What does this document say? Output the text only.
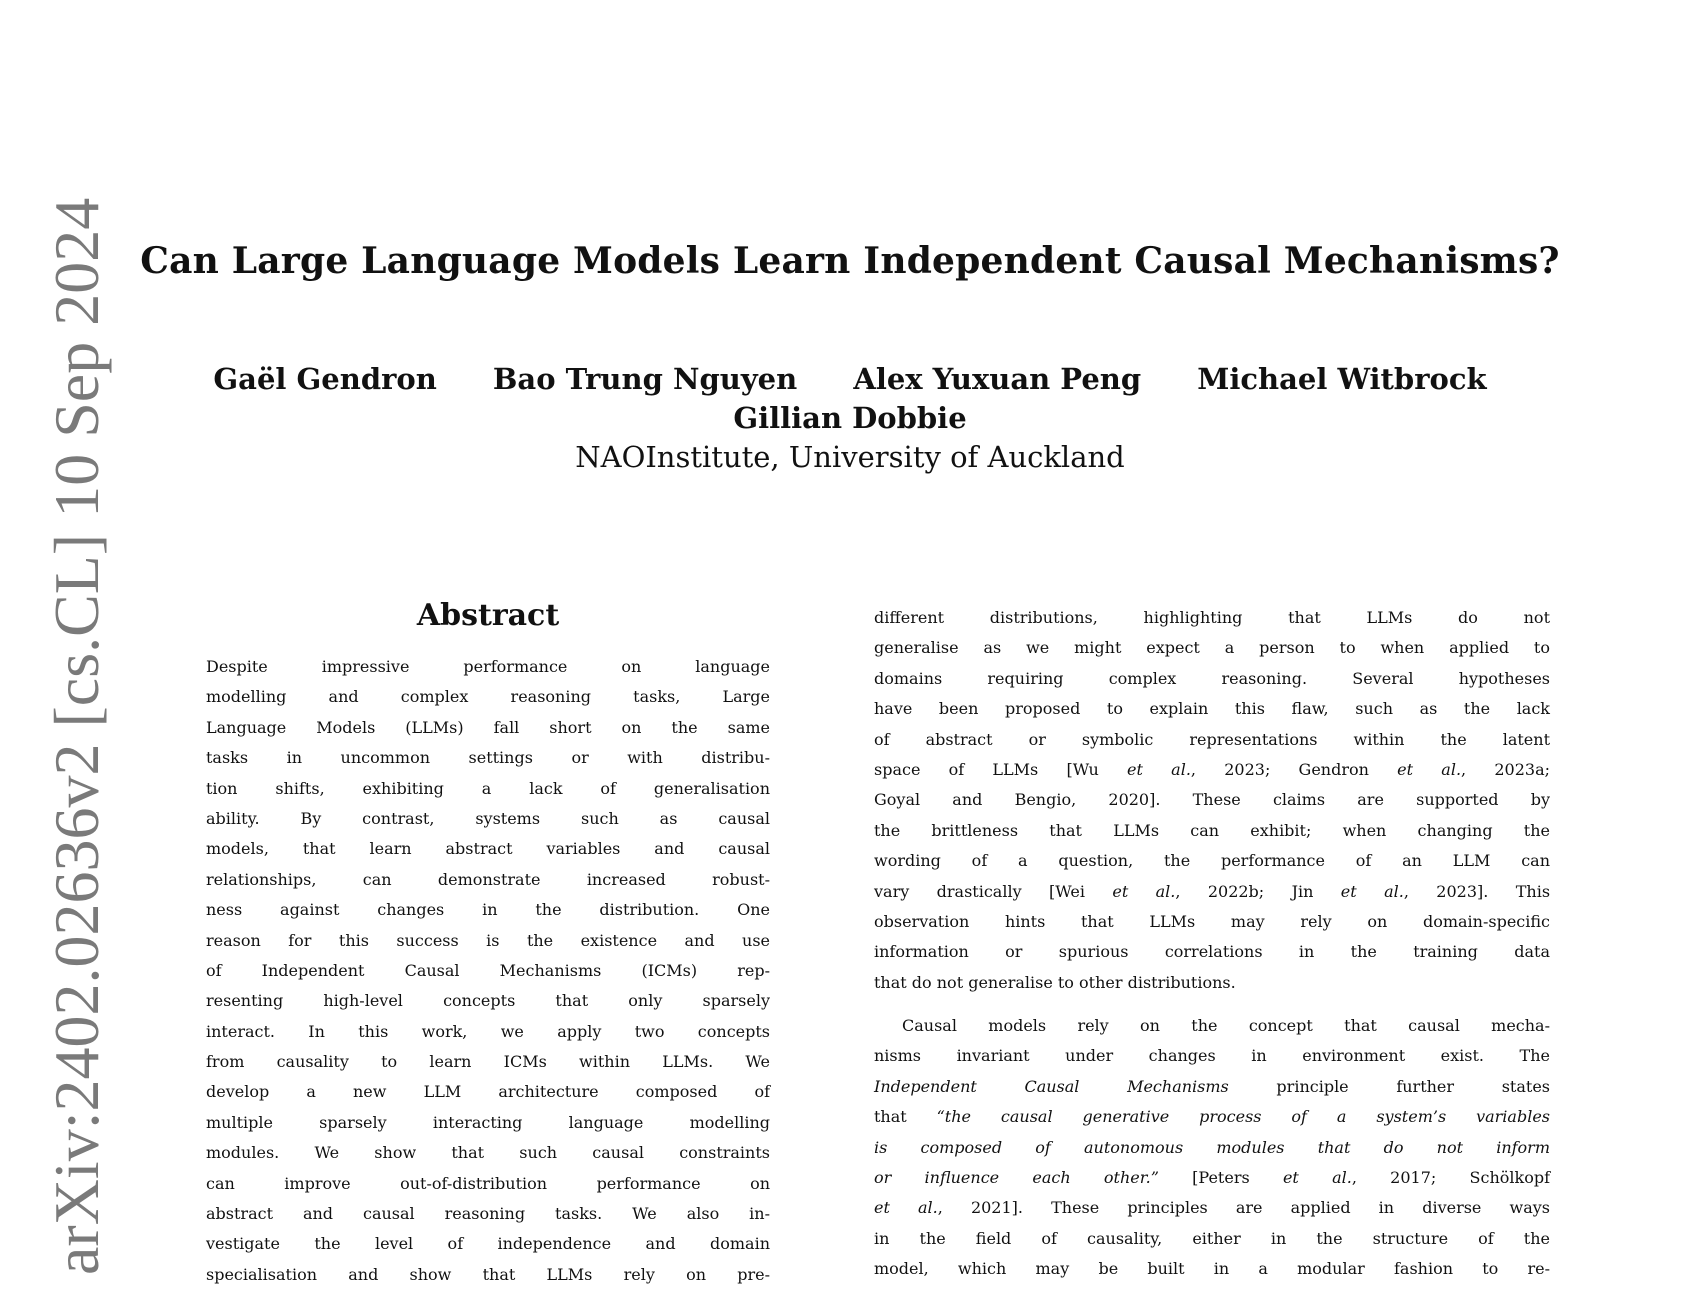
arXiv:2402.02636v2 [cs.CL] 10 Sep 2024 Can Large Language Models Learn Independent Causal Mechanisms?
Gaël Gendron Bao Trung Nguyen Alex Yuxuan Peng Michael Witbrock
Gillian Dobbie
NAOInstitute, University of Auckland
Abstract
Despite impressive performance on language
modelling and complex reasoning tasks, Large
Language Models (LLMs) fall short on the same
tasks in uncommon settings or with distribu-
tion shifts, exhibiting a lack of generalisation
ability. By contrast, systems such as causal
models, that learn abstract variables and causal
relationships, can demonstrate increased robust-
ness against changes in the distribution. One
reason for this success is the existence and use
of Independent Causal Mechanisms (ICMs) rep-
resenting high-level concepts that only sparsely
interact. In this work, we apply two concepts
from causality to learn ICMs within LLMs. We
develop a new LLM architecture composed of
multiple sparsely interacting language modelling
modules. We show that such causal constraints
can improve out-of-distribution performance on
abstract and causal reasoning tasks. We also in-
vestigate the level of independence and domain
specialisation and show that LLMs rely on pre-
different distributions, highlighting that LLMs do not
generalise as we might expect a person to when applied to
domains requiring complex reasoning. Several hypotheses
have been proposed to explain this flaw, such as the lack
of abstract or symbolic representations within the latent
space of LLMs [Wu et al., 2023; Gendron et al., 2023a;
Goyal and Bengio, 2020]. These claims are supported by
the brittleness that LLMs can exhibit; when changing the
wording of a question, the performance of an LLM can
vary drastically [Wei et al., 2022b; Jin et al., 2023]. This
observation hints that LLMs may rely on domain-specific
information or spurious correlations in the training data
that do not generalise to other distributions.
Causal models rely on the concept that causal mecha-
nisms invariant under changes in environment exist. The
Independent Causal Mechanisms principle further states
that “the causal generative process of a system’s variables
is composed of autonomous modules that do not inform
or influence each other.” [Peters et al., 2017; Schölkopf
et al., 2021]. These principles are applied in diverse ways
in the field of causality, either in the structure of the
model, which may be built in a modular fashion to re-
